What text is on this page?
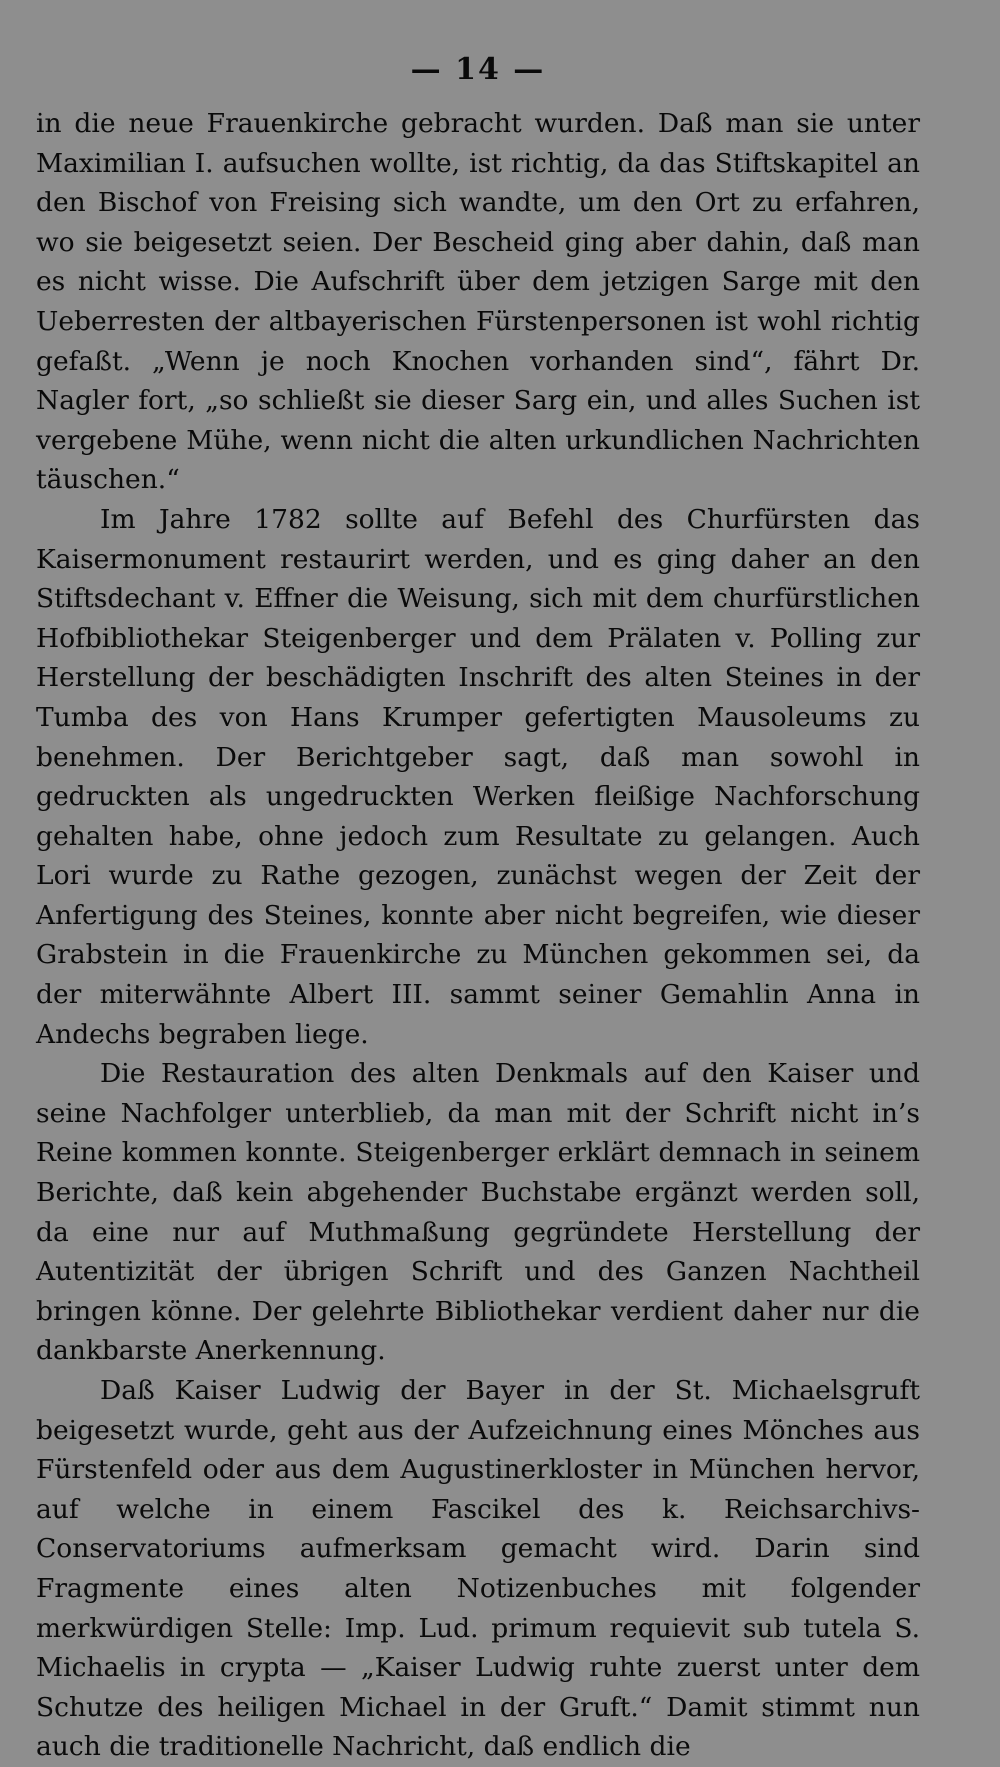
— 14 —

in die neue Frauenkirche gebracht wurden. Daß man sie unter Maximilian I. aufsuchen wollte, ist richtig, da das Stiftskapitel an den Bischof von Freising sich wandte, um den Ort zu erfahren, wo sie beigesetzt seien. Der Bescheid ging aber dahin, daß man es nicht wisse. Die Aufschrift über dem jetzigen Sarge mit den Ueberresten der altbayerischen Fürstenpersonen ist wohl richtig gefaßt. „Wenn je noch Knochen vorhanden sind“, fährt Dr. Nagler fort, „so schließt sie dieser Sarg ein, und alles Suchen ist vergebene Mühe, wenn nicht die alten urkundlichen Nachrichten täuschen.“

Im Jahre 1782 sollte auf Befehl des Churfürsten das Kaisermonument restaurirt werden, und es ging daher an den Stiftsdechant v. Effner die Weisung, sich mit dem churfürstlichen Hofbibliothekar Steigenberger und dem Prälaten v. Polling zur Herstellung der beschädigten Inschrift des alten Steines in der Tumba des von Hans Krumper gefertigten Mausoleums zu benehmen. Der Berichtgeber sagt, daß man sowohl in gedruckten als ungedruckten Werken fleißige Nachforschung gehalten habe, ohne jedoch zum Resultate zu gelangen. Auch Lori wurde zu Rathe gezogen, zunächst wegen der Zeit der Anfertigung des Steines, konnte aber nicht begreifen, wie dieser Grabstein in die Frauenkirche zu München gekommen sei, da der miterwähnte Albert III. sammt seiner Gemahlin Anna in Andechs begraben liege.

Die Restauration des alten Denkmals auf den Kaiser und seine Nachfolger unterblieb, da man mit der Schrift nicht in’s Reine kommen konnte. Steigenberger erklärt demnach in seinem Berichte, daß kein abgehender Buchstabe ergänzt werden soll, da eine nur auf Muthmaßung gegründete Herstellung der Autentizität der übrigen Schrift und des Ganzen Nachtheil bringen könne. Der gelehrte Bibliothekar verdient daher nur die dankbarste Anerkennung.

Daß Kaiser Ludwig der Bayer in der St. Michaelsgruft beigesetzt wurde, geht aus der Aufzeichnung eines Mönches aus Fürstenfeld oder aus dem Augustinerkloster in München hervor, auf welche in einem Fascikel des k. Reichsarchivs-Conservatoriums aufmerksam gemacht wird. Darin sind Fragmente eines alten Notizenbuches mit folgender merkwürdigen Stelle: Imp. Lud. primum requievit sub tutela S. Michaelis in crypta — „Kaiser Ludwig ruhte zuerst unter dem Schutze des heiligen Michael in der Gruft.“ Damit stimmt nun auch die traditionelle Nachricht, daß endlich die
